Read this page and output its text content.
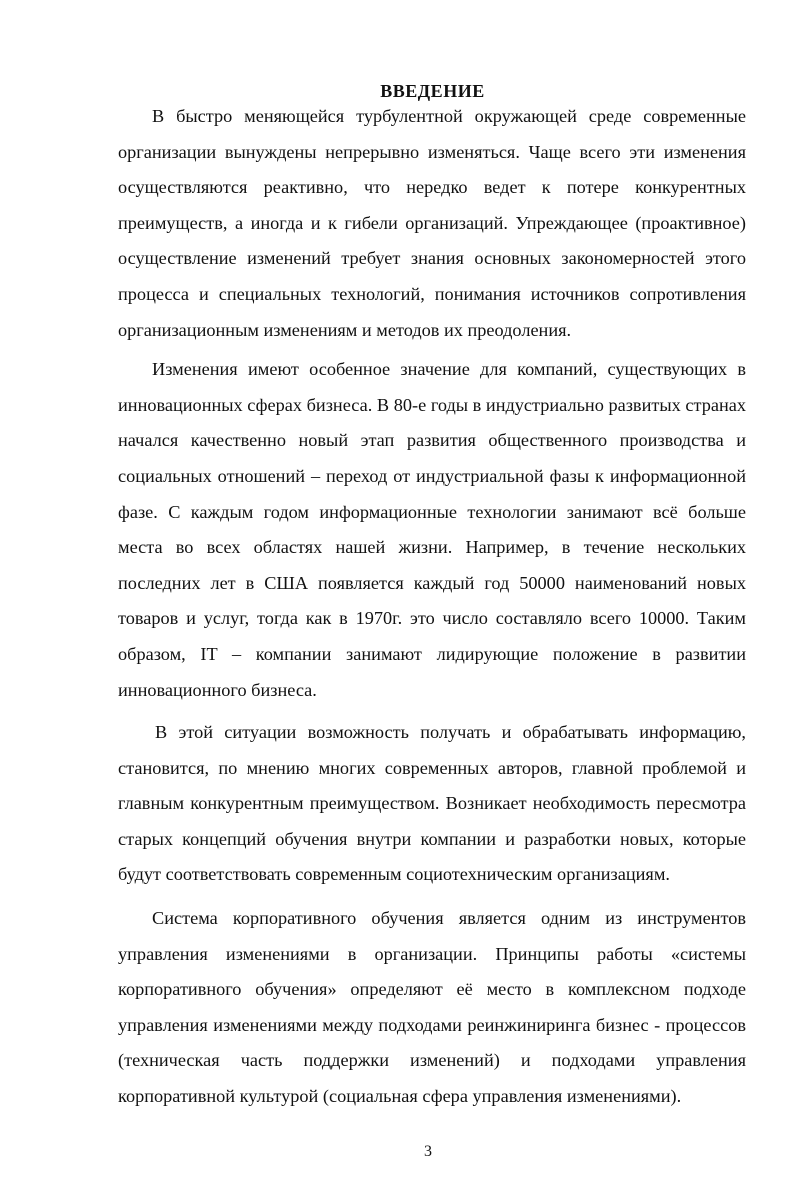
ВВЕДЕНИЕ

В быстро меняющейся турбулентной окружающей среде современные организации вынуждены непрерывно изменяться. Чаще всего эти изменения осуществляются реактивно, что нередко ведет к потере конкурентных преимуществ, а иногда и к гибели организаций. Упреждающее (проактивное) осуществление изменений требует знания основных закономерностей этого процесса и специальных технологий, понимания источников сопротивления организационным изменениям и методов их преодоления.

Изменения имеют особенное значение для компаний, существующих в инновационных сферах бизнеса. В 80-е годы в индустриально развитых странах начался качественно новый этап развития общественного производства и социальных отношений – переход от индустриальной фазы к информационной фазе. С каждым годом информационные технологии занимают всё больше места во всех областях нашей жизни. Например, в течение нескольких последних лет в США появляется каждый год 50000 наименований новых товаров и услуг, тогда как в 1970г. это число составляло всего 10000. Таким образом, IT – компании занимают лидирующие положение в развитии инновационного бизнеса.

В этой ситуации возможность получать и обрабатывать информацию, становится, по мнению многих современных авторов, главной проблемой и главным конкурентным преимуществом. Возникает необходимость пересмотра старых концепций обучения внутри компании и разработки новых, которые будут соответствовать современным социотехническим организациям.

Система корпоративного обучения является одним из инструментов управления изменениями в организации. Принципы работы «системы корпоративного обучения» определяют её место в комплексном подходе управления изменениями между подходами реинжиниринга бизнес - процессов (техническая часть поддержки изменений) и подходами управления корпоративной культурой (социальная сфера управления изменениями).

3
